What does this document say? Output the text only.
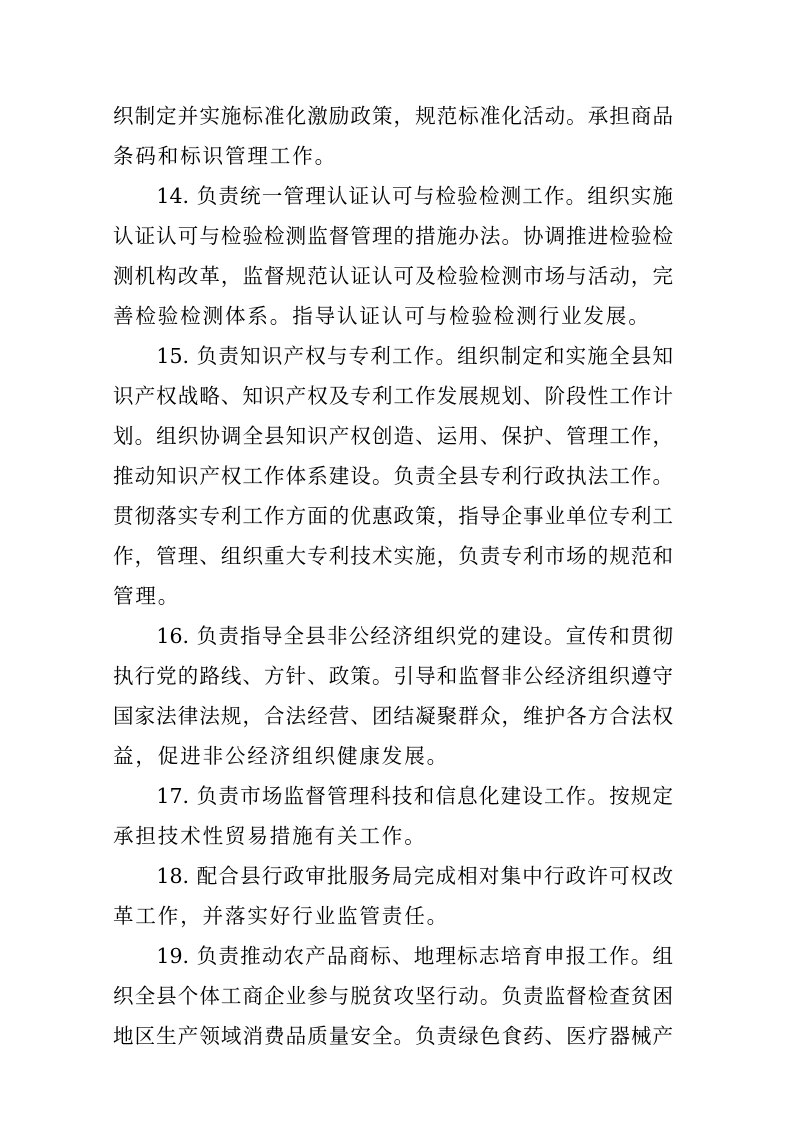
织制定并实施标准化激励政策，规范标准化活动。承担商品
条码和标识管理工作。
　　14. 负责统一管理认证认可与检验检测工作。组织实施
认证认可与检验检测监督管理的措施办法。协调推进检验检
测机构改革，监督规范认证认可及检验检测市场与活动，完
善检验检测体系。指导认证认可与检验检测行业发展。
　　15. 负责知识产权与专利工作。组织制定和实施全县知
识产权战略、知识产权及专利工作发展规划、阶段性工作计
划。组织协调全县知识产权创造、运用、保护、管理工作，
推动知识产权工作体系建设。负责全县专利行政执法工作。
贯彻落实专利工作方面的优惠政策，指导企事业单位专利工
作，管理、组织重大专利技术实施，负责专利市场的规范和
管理。
　　16. 负责指导全县非公经济组织党的建设。宣传和贯彻
执行党的路线、方针、政策。引导和监督非公经济组织遵守
国家法律法规，合法经营、团结凝聚群众，维护各方合法权
益，促进非公经济组织健康发展。
　　17. 负责市场监督管理科技和信息化建设工作。按规定
承担技术性贸易措施有关工作。
　　18. 配合县行政审批服务局完成相对集中行政许可权改
革工作，并落实好行业监管责任。
　　19. 负责推动农产品商标、地理标志培育申报工作。组
织全县个体工商企业参与脱贫攻坚行动。负责监督检查贫困
地区生产领域消费品质量安全。负责绿色食药、医疗器械产
